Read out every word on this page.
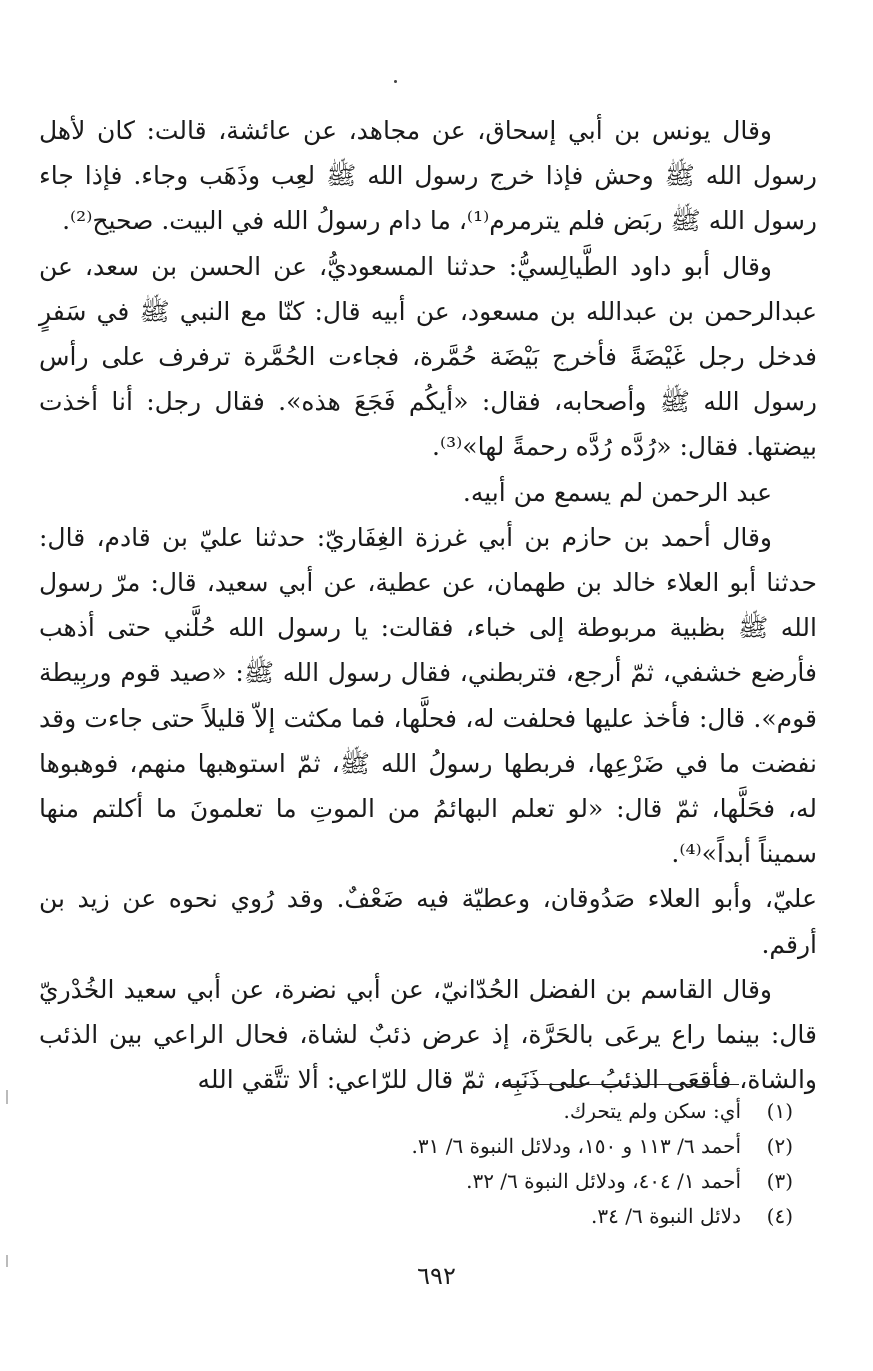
وقال يونس بن أبي إسحاق، عن مجاهد، عن عائشة، قالت: كان لأهل رسول الله ﷺ وحش فإذا خرج رسول الله ﷺ لعِب وذَهَب وجاء. فإذا جاء رسول الله ﷺ ربَض فلم يترمرم⁽¹⁾، ما دام رسولُ الله في البيت. صحيح⁽²⁾.

وقال أبو داود الطَّيالِسيُّ: حدثنا المسعوديُّ، عن الحسن بن سعد، عن عبدالرحمن بن عبدالله بن مسعود، عن أبيه قال: كنّا مع النبي ﷺ في سَفرٍ فدخل رجل غَيْضَةً فأخرج بَيْضَة حُمَّرة، فجاءت الحُمَّرة ترفرف على رأس رسول الله ﷺ وأصحابه، فقال: «أيكُم فَجَعَ هذه». فقال رجل: أنا أخذت بيضتها. فقال: «رُدَّه رُدَّه رحمةً لها»⁽³⁾.

عبد الرحمن لم يسمع من أبيه.

وقال أحمد بن حازم بن أبي غرزة الغِفَاريّ: حدثنا عليّ بن قادم، قال: حدثنا أبو العلاء خالد بن طهمان، عن عطية، عن أبي سعيد، قال: مرّ رسول الله ﷺ بظبية مربوطة إلى خباء، فقالت: يا رسول الله حُلَّني حتى أذهب فأرضع خشفي، ثمّ أرجع، فتربطني، فقال رسول الله ﷺ: «صيد قوم وربِيطة قوم». قال: فأخذ عليها فحلفت له، فحلَّها، فما مكثت إلاّ قليلاً حتى جاءت وقد نفضت ما في ضَرْعِها، فربطها رسولُ الله ﷺ، ثمّ استوهبها منهم، فوهبوها له، فحَلَّها، ثمّ قال: «لو تعلم البهائمُ من الموتِ ما تعلمونَ ما أكلتم منها سميناً أبداً»⁽⁴⁾.

عليّ، وأبو العلاء صَدُوقان، وعطيّة فيه ضَعْفٌ. وقد رُوي نحوه عن زيد بن أرقم.

وقال القاسم بن الفضل الحُدّانيّ، عن أبي نضرة، عن أبي سعيد الخُدْريّ قال: بينما راع يرعَى بالحَرَّة، إذ عرض ذئبٌ لشاة، فحال الراعي بين الذئب والشاة، فأقعَى الذئبُ على ذَنَبِه، ثمّ قال للرّاعي: ألا تتَّقي الله

(١)
أي: سكن ولم يتحرك.
(٢)
أحمد ٦/ ١١٣ و ١٥٠، ودلائل النبوة ٦/ ٣١.
(٣)
أحمد ١/ ٤٠٤، ودلائل النبوة ٦/ ٣٢.
(٤)
دلائل النبوة ٦/ ٣٤.
٦٩٢
